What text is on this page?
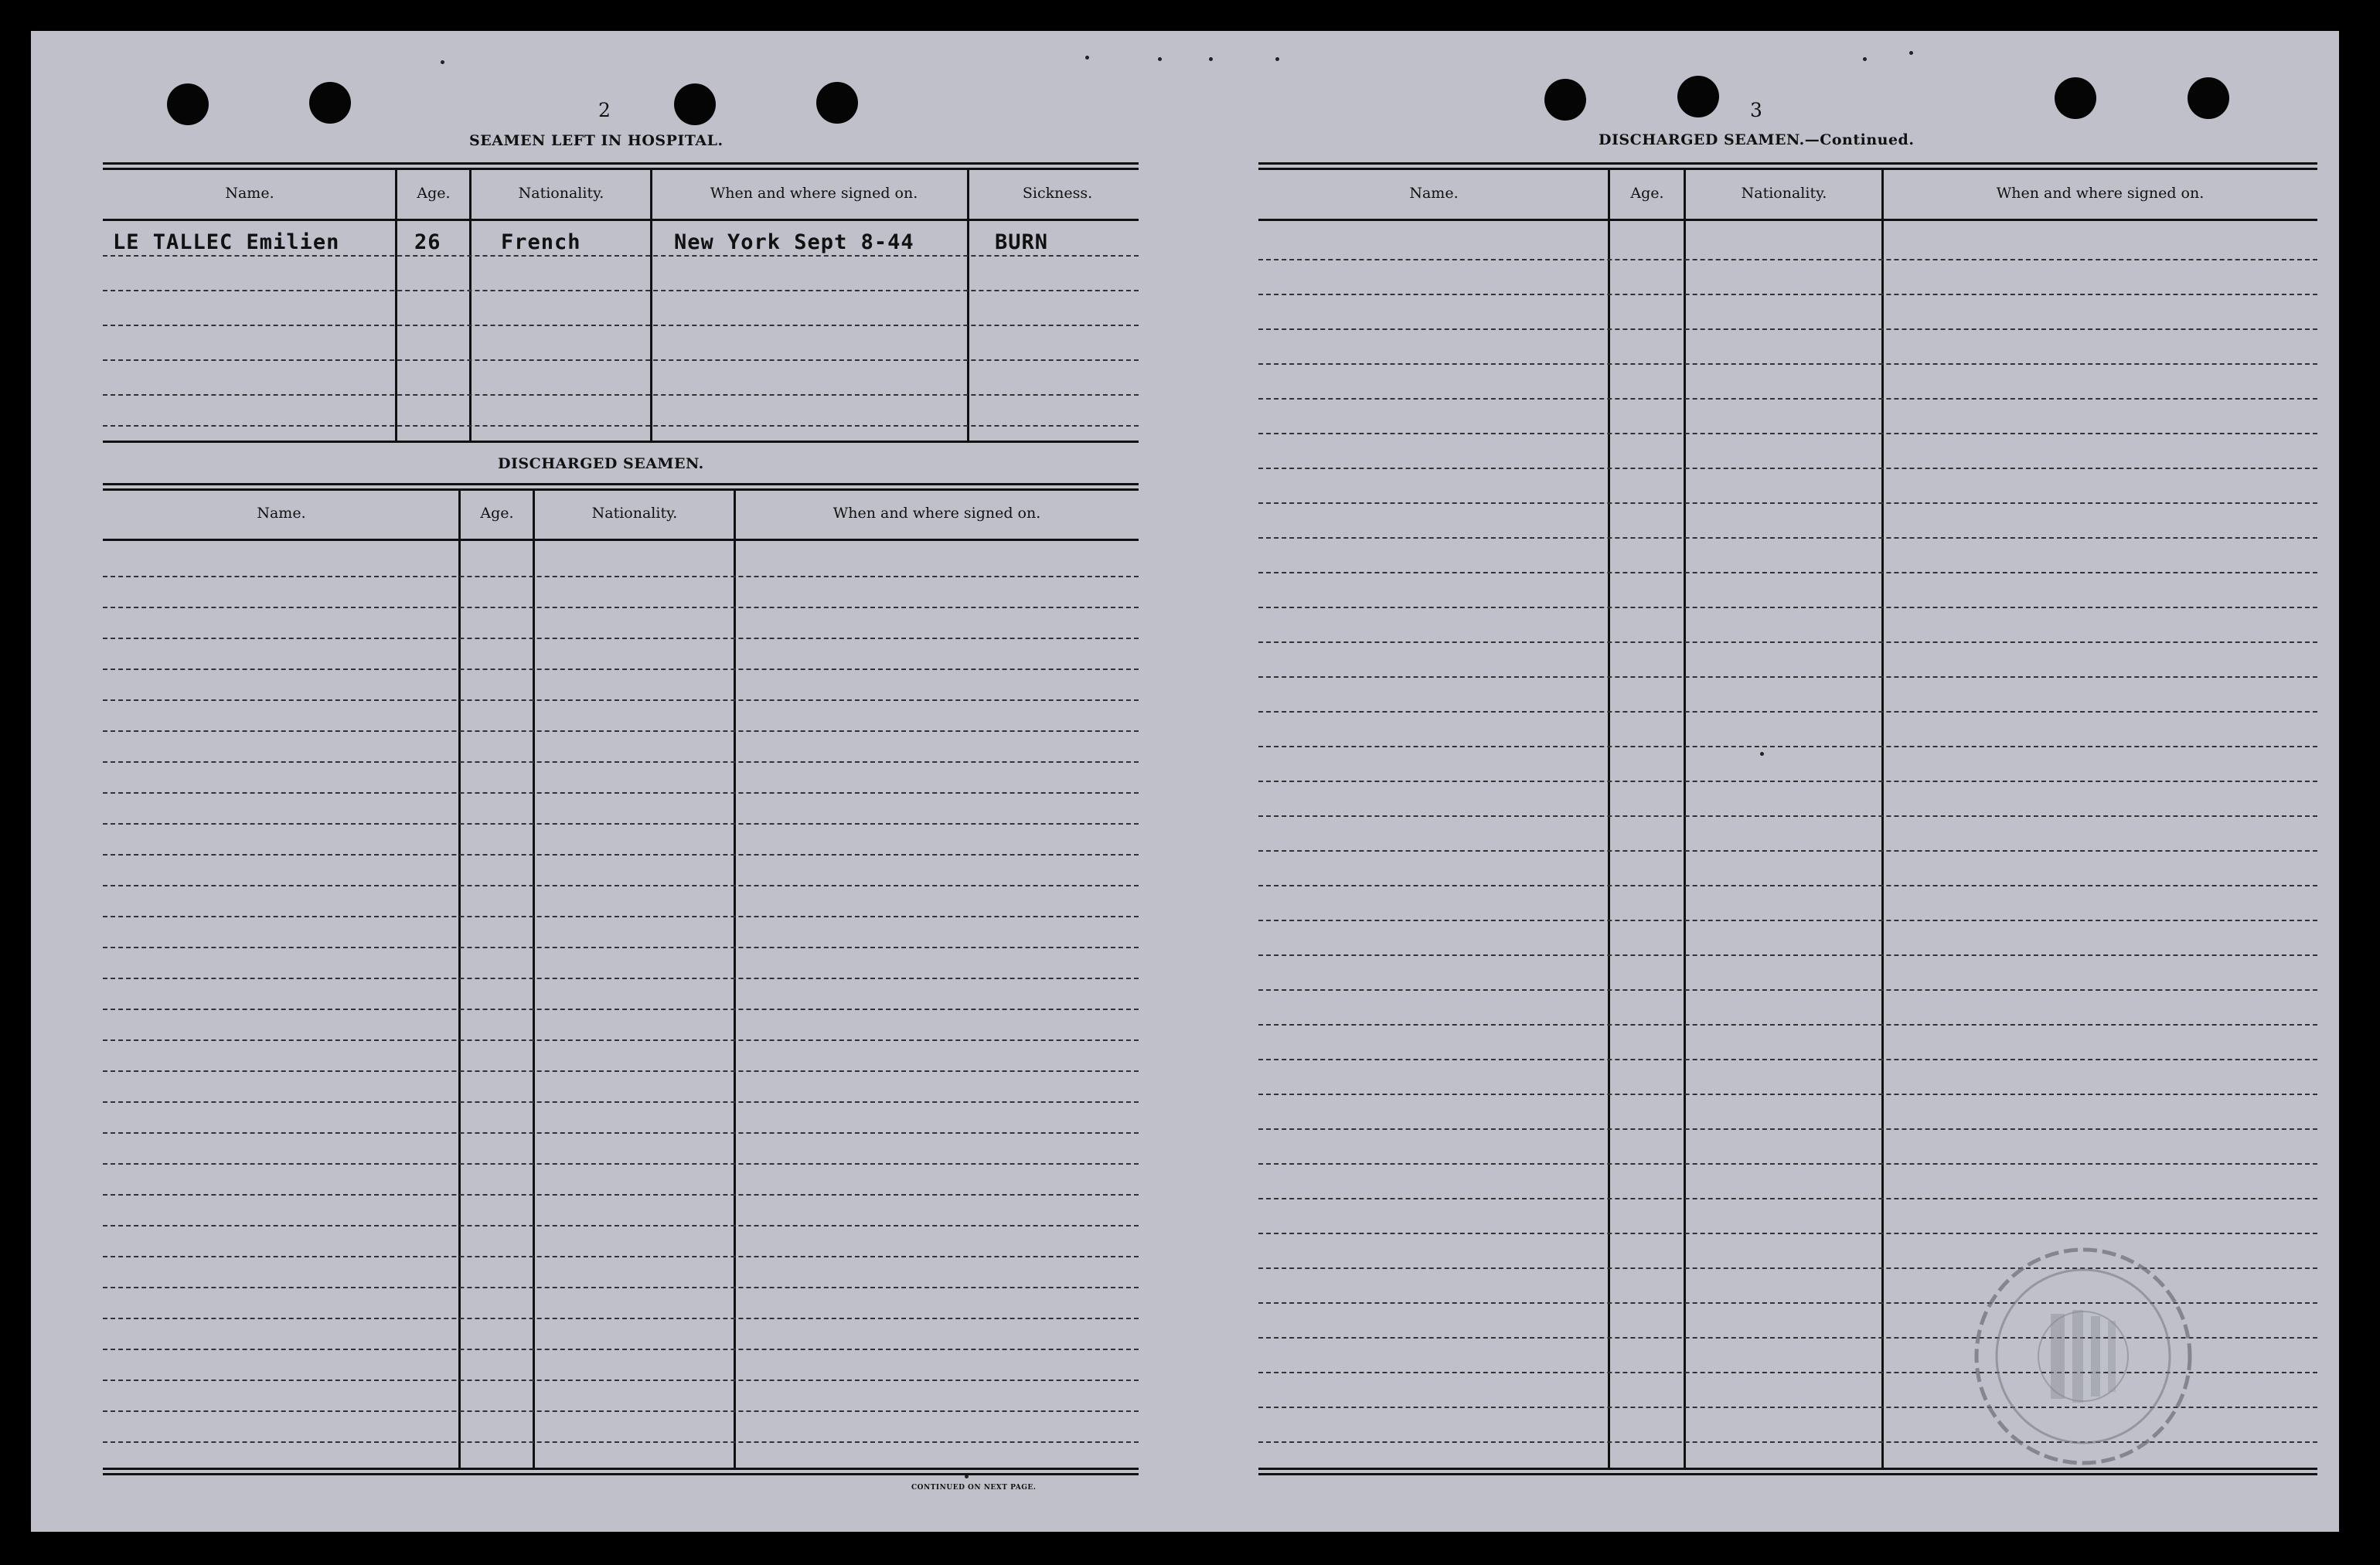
2
SEAMEN LEFT IN HOSPITAL.
Name.	Age.	Nationality.	When and where signed on.	Sickness.
LE TALLEC Emilien	26	French	New York Sept 8-44	BURN
DISCHARGED SEAMEN.
Name.	Age.	Nationality.	When and where signed on.
CONTINUED ON NEXT PAGE.
3
DISCHARGED SEAMEN.—Continued.
Name.	Age.	Nationality.	When and where signed on.
